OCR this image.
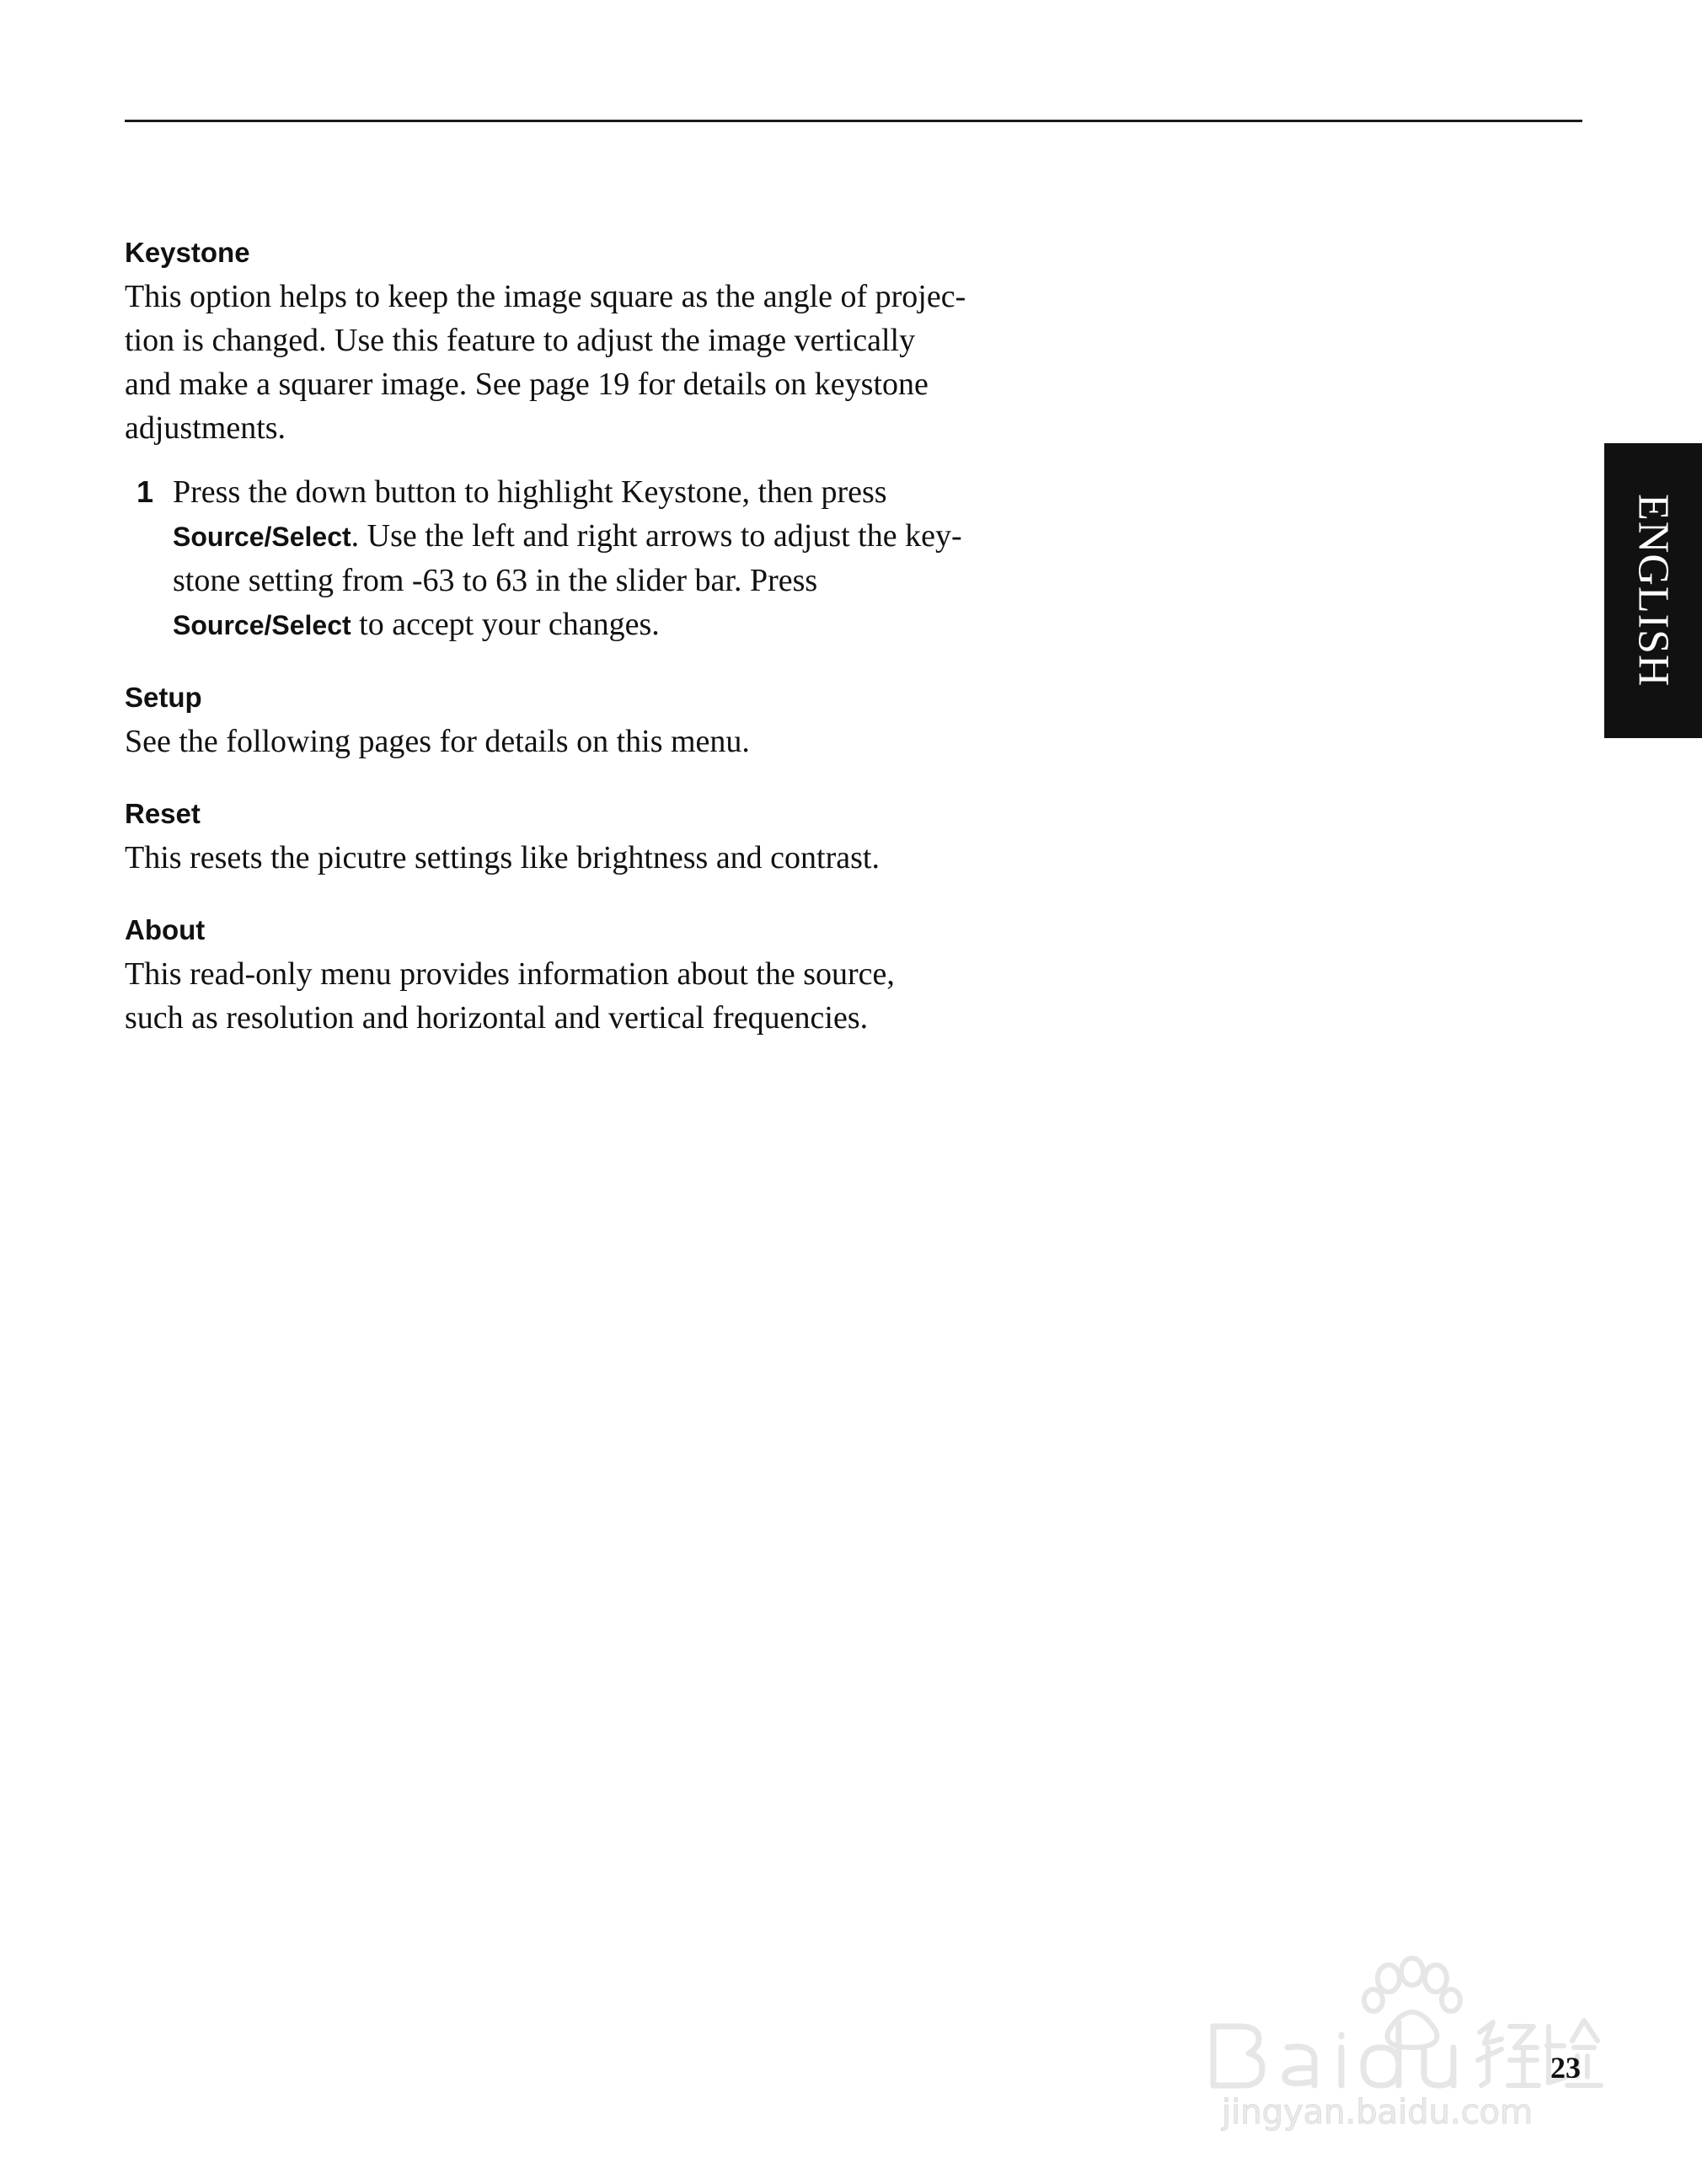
Keystone

This option helps to keep the image square as the angle of projec-

tion is changed. Use this feature to adjust the image vertically

and make a squarer image. See page 19 for details on keystone

adjustments.

1 Press the down button to highlight Keystone, then press

Source/Select. Use the left and right arrows to adjust the key-

stone setting from -63 to 63 in the slider bar. Press

Source/Select to accept your changes.

Setup

See the following pages for details on this menu.

Reset

This resets the picutre settings like brightness and contrast.

About

This read-only menu provides information about the source,

such as resolution and horizontal and vertical frequencies.

ENGLISH
jingyan.baidu.com
23
